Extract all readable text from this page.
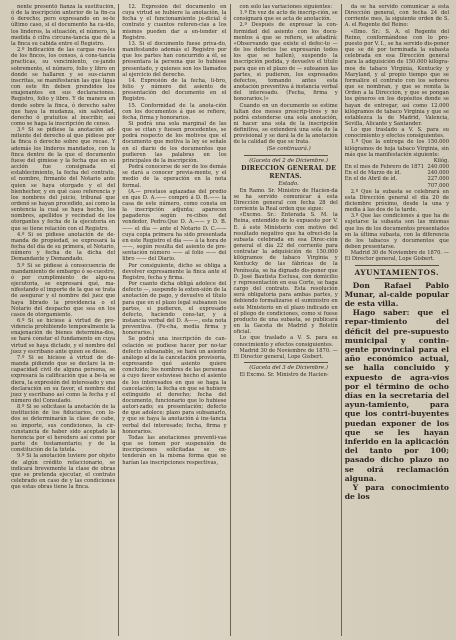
nente presentó fianza la sustitución, ó de la inscripción anterior de la fin-ca ó derecho; pero expresando en se-te último caso, si el documento ha ca-ido, los linderos, la situación, el número, la medida ó cifra circuns-tancia que dé a la finca su cabida entre el Registro.

2.º Indicación de las cargas rea-les de los fincos, los censos, á cons-tancia practicas, su vencimiento, ce-jando sobremente, el número, folio y libro en donde se hallaren y se sus-ciaren inscritas, se manifestarán las que ligas con este fin deben prendidos los enajenantes en sus declaraciones. Registro, folio y libro. Y de manera en donde sobre la finca, ó derecho salvo que haya la mudanza, sin salvedad, derecho ó gratuitos al inscribir, así como se haga la inscripción de censo.

3.º Si se pidiese la anotación ad-mitente del derecho al que pidiese por la finca ó derecho sobre que recae. Y además los linderos mandados, con la finca dentro de la que el documento fuese del gimiese y la fecha que en su acción fue consignada el establecimiento, la fecha del contrato, el nombre, firmante del Notario ante quien se haya otorgado y el del bienhechor, y en qué caso referencia y los nombres del juicio, tribunal que ordenó se hayan procedido, así como la sentencia la cual se haya hecho, los nombres, apellidos y vecindad de los otorgantes y fecha de la ejecutoria en que se tiene relación con el Registro.

4.º Si se pidiese anotación de de-manda de propiedad, se expresará la fecha del día de su primera, el Notario, número y fecha de la dicha del Demandante y Demandado.

5.º Si se pidiese á consecuencia de mandamiento de embargo ó se-cuestro, ó por cumplimiento de algu-na ejecutoria, se expresará qué, ma-nifestando el importe de la que se trata de asegurar y el nombre del juez que haya librado la providencia o el Notario del despacho que sea en los casos de otorgamiento.

6.º Si se hiciese á virtud de pro-videncia prohibiendo temporalmente la enajenación de bienes determina-dos, se hará constar el fundamento en cuya virtud se haya dictado, y el nombre del juez y escribano ante quien se diese.

7.º Si se hiciese á virtud de de-manda pidiendo que se declare la in-capacidad civil de alguna persona, se expresará la calificación que a be-la se diera, la expresión del interesado y una declaración en su favor, el nombre del juez y escribano así como la fecha y el número del Consulado.

8.º Si se solicitase la anotación de la institución de los fiduciarios, con lo-dos se determinarán la clase de cabe, su importe, sus condiciones, la cir-cunstancia de haber sido aceptado la herencia por el heredero así como por parte de testamentario; y de la constitución de la tutela.

9.º Si la anotación tuviere por objeto de algún crédito refaccionario, se indicará brevemente la clase de obras que se pretenda ejecutar, el contrato celebrado en caso de y las condiciones que estas obras tiene la finca.

12. Expresión del documento en cuya virtud se hubiere la anotación, la fecha y el funcionamiento ju-dicial ó contrato y cuantos referen-cias a los mismos pueden dar a en-tender el Registro.

13. Si el documento fuese priva-do, manifestando además el Registro por que los partes han concurrido a él, se presentara la persona que lo hubiese presentado, y quienes son los llamados al ejercicio del derecho.

14. Expresión de la fecha, li-bro, folio y número del asiento de presentación del documento en el Registro.

15. Conformidad de la anota-ción con los documentos á que se refiere, fecha, firma y honorarios.

Si podrá una sola marginal de las que se citan y fuesen procedentes, se podrá respecto de los motivos que el documento que motiva la ley se señale en el diario de los documentos que pudieren las palabras en los principales de la inscripción.

Podrá conocerse de ser de los demás se dará a conocer previa-mente, y el medio de la operación en la nota formal.

(A.— prestaos agiazadas del predio en que D. A.—— compró á D. B.—— la casa de este número, como consta en la inscripción adjunta; aparecen pagaderos según re-cibos del vendedor, Pedro.Que D. A.—— y D. B.—— el día — ante el Notario D. C.—— cuya copia primera ha sido presentada en este Registro el día —— á la hora de ——, según resulta del asiento de pre-sentación número —— al folio —— del libro —— del Diario.

Por consiguiente, dicho se obliga a devolver expresamente la finca ante el Registro, fecha y firma.

Por cuanto dicha obligá adolece del defecto —, suspendo la exten-sión de la anotación de pago, y devuelvo el título para que en el plazo legal subsanen los partes, si pudieren, el expresado defecto, haciendo cons-tar, y á instancia verbal del D. A——, esta nota preventiva. (Fe-cha, media firma y honorarios.)

Se podrá una inscripción de can-celación se pudiese hacer por no-tar defecto subsanable, se hará un asiento análogo al de la cancelación provisoria, expresando qué asiento quiere concluido; los nombres de las personas á cuyo favor estuviese hecho el asiento de los interesados en que se haga la cancelación; la fecha en que se hubiere extinguido el derecho; fecha del documento, funcionario que lo hubiese autori-zado; su presentación; defecto de que adolece; plazo para subsanarlo, y que se haya la anotación á ins-tancia verbal del interesado; fecha, firma y honorarios.

Todas las anotaciones preventi-vas que se tomen por suspensión de inscripciones solicitadas se ex-tenderán en la misma forma que se harían las inscripciones respectivas,

con solo las variaciones siguientes:

1.º En vez de acto de inscrip-ción, se consignará que se acta de anotación.

2.º Después de expresar la con-formidad del asiento con los docu-mentos á que se refiere, se añadirá: «Observando que existe el defec-to — de los defectos (se expresarán todos los que se hallen), suspendo la inscripción pedida, y devuelvo el título para que en el plazo de — subsanen las partes, si pudieren, los expresados defectos, tomando antes esta anotación preventiva á instancia verbal del interesado. (Fecha, firma y honorarios.)»

Cuando en un documento se estime faltan dos meses prescrip-tivos y no podrá extenderse una sola anotación, ni hacer una sola de la inscripción definitiva, se extenderá una sola de la provisional y se dará la de la anotación de la calidad de que se trata.

(Se continuará.)

(Gaceta del 2 de Diciembre.)

DIRECCION GENERAL DE RENTAS.

Estado.

En Ramo. Sr. Ministro de Hacien-da se ha servido comunicar á esta Dirección general con fecha 28 del corriente la Real orden que sigue:

«Excmo. Sr.: Enterada S. M. la Reina, entendido de lo expuesto por V. E. á este Ministerio con motivo del resultado negativo que ha ofreci-do la subasta celebrada en esa Direc-ción general el día 22 del corriente para contratar la adquisición de 150.000 kilógramos de tabaco Virginia y Kentucky de las fábricas de la Península, se ha dignado dis-poner que D. José Bautista Esclusa, con domicilio y representación en esa Corte, se haga cargo del contrato. Esta resolución será obligatoria para ambas partes, y debiendo formalizarse el suministro en este Ministerio en el plazo indicado en el pliego de condiciones, como si fuese producto de una subasta, se publicará en la Gaceta de Madrid y Boletín oficial.

Lo que traslado a V. S. para su conocimiento y efectos consiguientes.

Madrid 30 de Noviembre de 1870. —El Director general, Lope Gisbert.

(Gaceta del 3 de Diciembre.)

El Excmo. Sr. Ministro de Hacien-

da se ha servido comunicar a esta Dirección general, con fecha 24 del corriente mes, la siguiente orden de S. A. el Regente del Reino:

«Ilmo. Sr.: S. A. el Regente del Reino, conformándose con lo pro-puesto por V. I., se ha servido dis-poner que se dé por terminada la subasta celebrada en esa Dirección general para la adquisición de 150.000 kilógra-mos de tabaco Virginia, Kentucky y Maryland, y al propio tiempo que se formalice el contrato con los señores que se nombran, y que se remita la Orden a la Dirección, y que se pongan los géneros en los depósitos donde se hayan de entregar, así como 12.000 kilógramos de tabaco Virginia y que se establezca la de Madrid, Valencia, Sevilla, Alicante y Santander.

Lo que traslado a V. S. para su conocimiento y efectos consiguientes.

1.º Que la entrega de los 150.000 kilógramos de hoja tabaco Virginia, sin más que la manifestación siguiente:

Kilóg.

En el mes de Febrero de 1871 240.000
En el de Marzo de íd.	240.000
En el de Abril de íd.	227.000
707.000

2.º Que la subasta se celebrará en esta Dirección general el día 20 de diciembre próximo, desde la una y media á las dos de la tarde.

3.º Que las condiciones á que ha de sujetarse la subasta son las mismas que los de los documentos presentados en la última subasta, con la diferencia de los tabacos y documentos que deben presentarse.

Madrid 30 de Noviembre de 1870. —El Director general, Lope Gisbert.

AYUNTAMIENTOS.

Don Rafael Pablo Munar, al-calde popular de esta villa.

Hago saber: que el repar-timiento del déficit del pre-supuesto municipal y contin-gente provincial para el año económico actual, se halla concluido y expuesto de agra-vios por el término de ocho días en la secretaría del ayun-tamiento, para que los contri-buyentes puedan exponer de los que se les hayan inferido en la aplicación del tanto por 100; pasado dicho plazo no se oirá reclamación alguna.

Y para conocimiento de los
